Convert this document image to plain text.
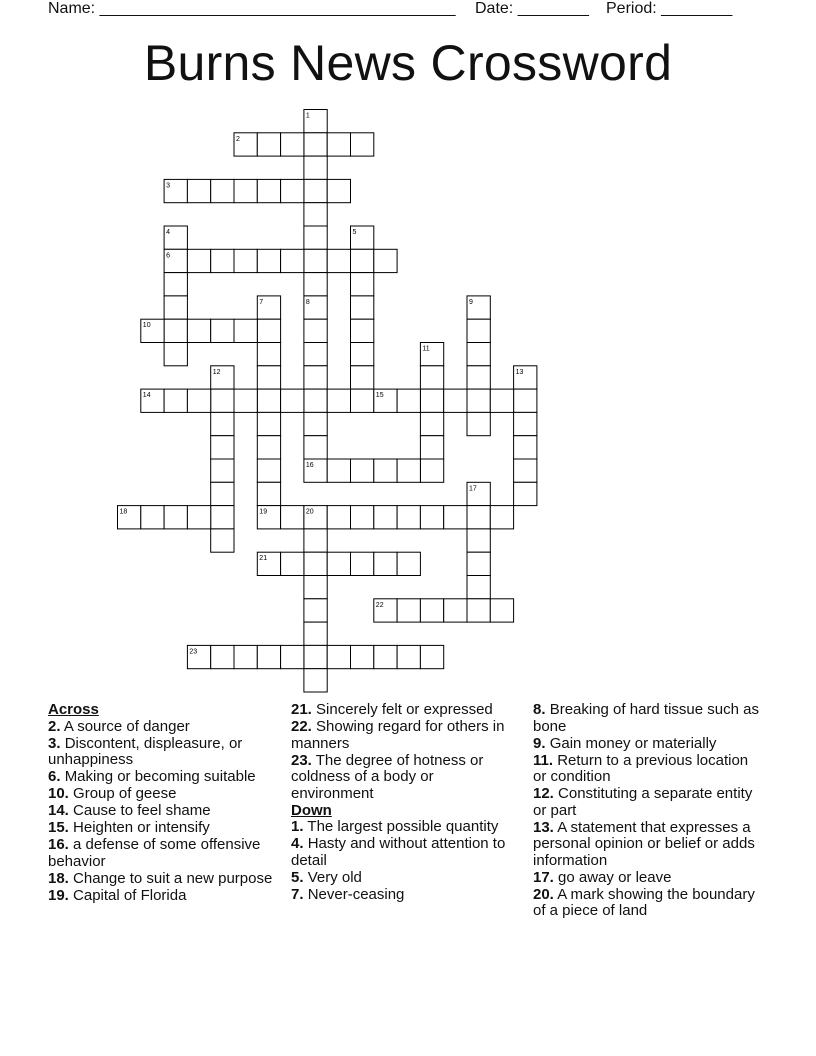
Name: ________________________________________ Date: ________ Period: ________
Burns News Crossword
1
2
3
4	5
6
7	8	9
10
11
12	13
14	15
16
17
18	19	20
21
22
23
Across
2. A source of danger
3. Discontent, displeasure, or unhappiness
6. Making or becoming suitable
10. Group of geese
14. Cause to feel shame
15. Heighten or intensify
16. a defense of some offensive behavior
18. Change to suit a new purpose
19. Capital of Florida
21. Sincerely felt or expressed
22. Showing regard for others in manners
23. The degree of hotness or coldness of a body or environment
Down
1. The largest possible quantity
4. Hasty and without attention to detail
5. Very old
7. Never-ceasing
8. Breaking of hard tissue such as bone
9. Gain money or materially
11. Return to a previous location or condition
12. Constituting a separate entity or part
13. A statement that expresses a personal opinion or belief or adds information
17. go away or leave
20. A mark showing the boundary of a piece of land
